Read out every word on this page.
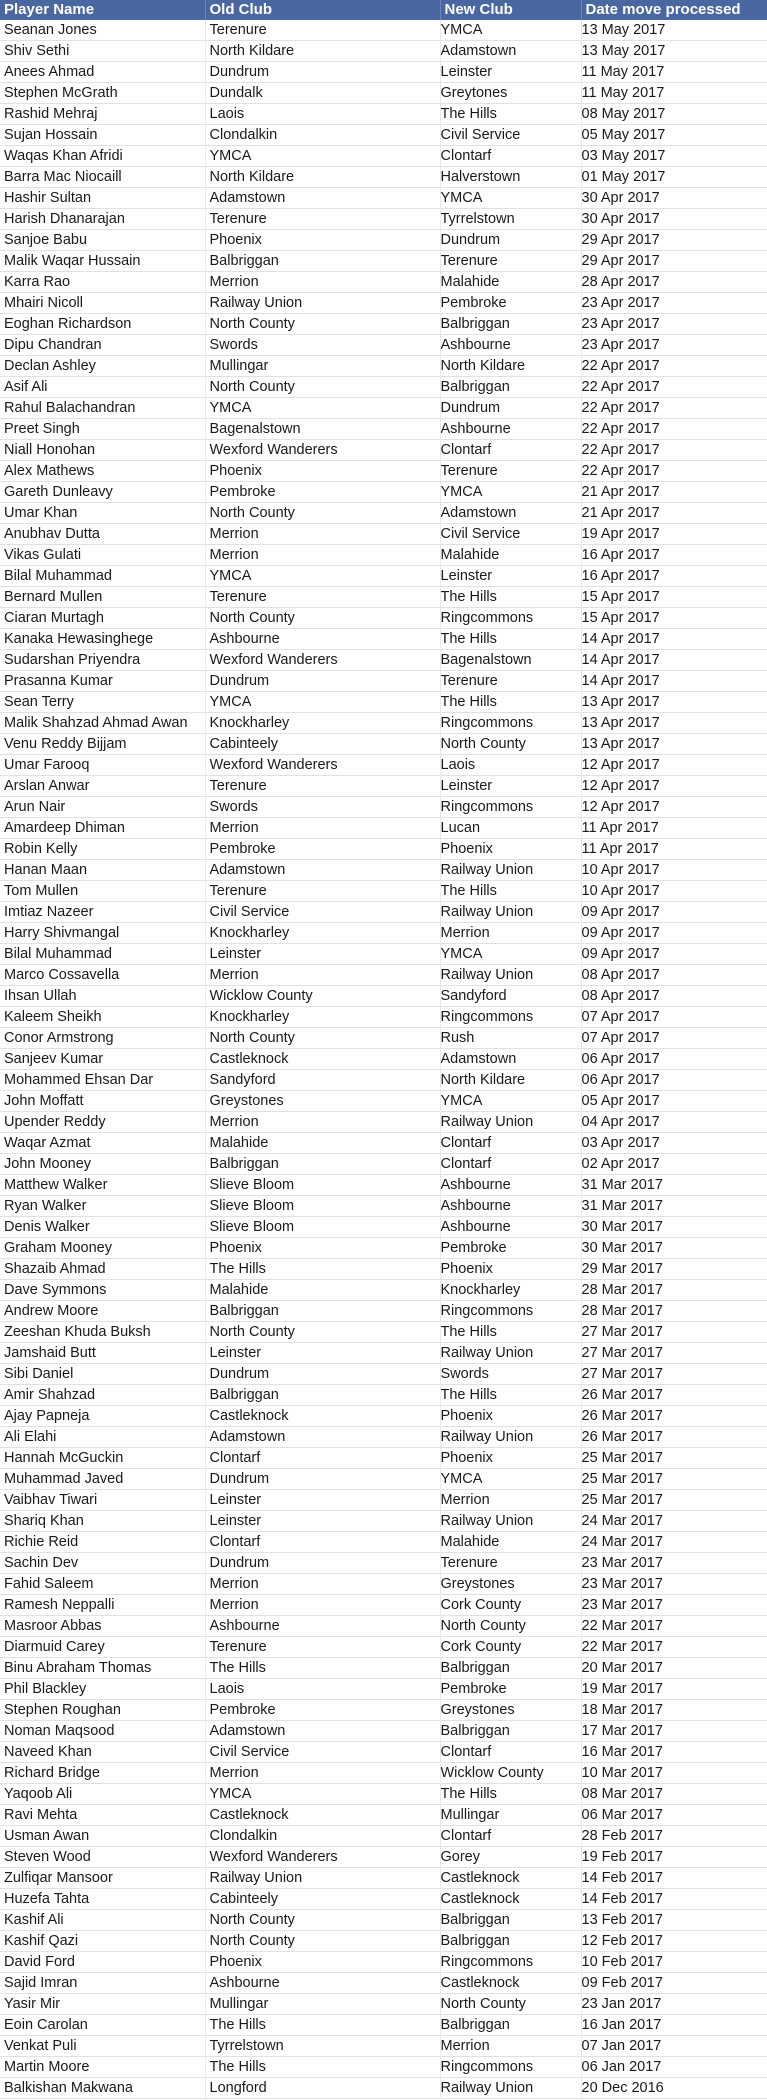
Player Name	Old Club	New Club	Date move processed
Seanan Jones	Terenure	YMCA	13 May 2017
Shiv Sethi	North Kildare	Adamstown	13 May 2017
Anees Ahmad	Dundrum	Leinster	11 May 2017
Stephen McGrath	Dundalk	Greytones	11 May 2017
Rashid Mehraj	Laois	The Hills	08 May 2017
Sujan Hossain	Clondalkin	Civil Service	05 May 2017
Waqas Khan Afridi	YMCA	Clontarf	03 May 2017
Barra Mac Niocaill	North Kildare	Halverstown	01 May 2017
Hashir Sultan	Adamstown	YMCA	30 Apr 2017
Harish Dhanarajan	Terenure	Tyrrelstown	30 Apr 2017
Sanjoe Babu	Phoenix	Dundrum	29 Apr 2017
Malik Waqar Hussain	Balbriggan	Terenure	29 Apr 2017
Karra Rao	Merrion	Malahide	28 Apr 2017
Mhairi Nicoll	Railway Union	Pembroke	23 Apr 2017
Eoghan Richardson	North County	Balbriggan	23 Apr 2017
Dipu Chandran	Swords	Ashbourne	23 Apr 2017
Declan Ashley	Mullingar	North Kildare	22 Apr 2017
Asif Ali	North County	Balbriggan	22 Apr 2017
Rahul Balachandran	YMCA	Dundrum	22 Apr 2017
Preet Singh	Bagenalstown	Ashbourne	22 Apr 2017
Niall Honohan	Wexford Wanderers	Clontarf	22 Apr 2017
Alex Mathews	Phoenix	Terenure	22 Apr 2017
Gareth Dunleavy	Pembroke	YMCA	21 Apr 2017
Umar Khan	North County	Adamstown	21 Apr 2017
Anubhav Dutta	Merrion	Civil Service	19 Apr 2017
Vikas Gulati	Merrion	Malahide	16 Apr 2017
Bilal Muhammad	YMCA	Leinster	16 Apr 2017
Bernard Mullen	Terenure	The Hills	15 Apr 2017
Ciaran Murtagh	North County	Ringcommons	15 Apr 2017
Kanaka Hewasinghege	Ashbourne	The Hills	14 Apr 2017
Sudarshan Priyendra	Wexford Wanderers	Bagenalstown	14 Apr 2017
Prasanna Kumar	Dundrum	Terenure	14 Apr 2017
Sean Terry	YMCA	The Hills	13 Apr 2017
Malik Shahzad Ahmad Awan	Knockharley	Ringcommons	13 Apr 2017
Venu Reddy Bijjam	Cabinteely	North County	13 Apr 2017
Umar Farooq	Wexford Wanderers	Laois	12 Apr 2017
Arslan Anwar	Terenure	Leinster	12 Apr 2017
Arun Nair	Swords	Ringcommons	12 Apr 2017
Amardeep Dhiman	Merrion	Lucan	11 Apr 2017
Robin Kelly	Pembroke	Phoenix	11 Apr 2017
Hanan Maan	Adamstown	Railway Union	10 Apr 2017
Tom Mullen	Terenure	The Hills	10 Apr 2017
Imtiaz Nazeer	Civil Service	Railway Union	09 Apr 2017
Harry Shivmangal	Knockharley	Merrion	09 Apr 2017
Bilal Muhammad	Leinster	YMCA	09 Apr 2017
Marco Cossavella	Merrion	Railway Union	08 Apr 2017
Ihsan Ullah	Wicklow County	Sandyford	08 Apr 2017
Kaleem Sheikh	Knockharley	Ringcommons	07 Apr 2017
Conor Armstrong	North County	Rush	07 Apr 2017
Sanjeev Kumar	Castleknock	Adamstown	06 Apr 2017
Mohammed Ehsan Dar	Sandyford	North Kildare	06 Apr 2017
John Moffatt	Greystones	YMCA	05 Apr 2017
Upender Reddy	Merrion	Railway Union	04 Apr 2017
Waqar Azmat	Malahide	Clontarf	03 Apr 2017
John Mooney	Balbriggan	Clontarf	02 Apr 2017
Matthew Walker	Slieve Bloom	Ashbourne	31 Mar 2017
Ryan Walker	Slieve Bloom	Ashbourne	31 Mar 2017
Denis Walker	Slieve Bloom	Ashbourne	30 Mar 2017
Graham Mooney	Phoenix	Pembroke	30 Mar 2017
Shazaib Ahmad	The Hills	Phoenix	29 Mar 2017
Dave Symmons	Malahide	Knockharley	28 Mar 2017
Andrew Moore	Balbriggan	Ringcommons	28 Mar 2017
Zeeshan Khuda Buksh	North County	The Hills	27 Mar 2017
Jamshaid Butt	Leinster	Railway Union	27 Mar 2017
Sibi Daniel	Dundrum	Swords	27 Mar 2017
Amir Shahzad	Balbriggan	The Hills	26 Mar 2017
Ajay Papneja	Castleknock	Phoenix	26 Mar 2017
Ali Elahi	Adamstown	Railway Union	26 Mar 2017
Hannah McGuckin	Clontarf	Phoenix	25 Mar 2017
Muhammad Javed	Dundrum	YMCA	25 Mar 2017
Vaibhav Tiwari	Leinster	Merrion	25 Mar 2017
Shariq Khan	Leinster	Railway Union	24 Mar 2017
Richie Reid	Clontarf	Malahide	24 Mar 2017
Sachin Dev	Dundrum	Terenure	23 Mar 2017
Fahid Saleem	Merrion	Greystones	23 Mar 2017
Ramesh Neppalli	Merrion	Cork County	23 Mar 2017
Masroor Abbas	Ashbourne	North County	22 Mar 2017
Diarmuid Carey	Terenure	Cork County	22 Mar 2017
Binu Abraham Thomas	The Hills	Balbriggan	20 Mar 2017
Phil Blackley	Laois	Pembroke	19 Mar 2017
Stephen Roughan	Pembroke	Greystones	18 Mar 2017
Noman Maqsood	Adamstown	Balbriggan	17 Mar 2017
Naveed Khan	Civil Service	Clontarf	16 Mar 2017
Richard Bridge	Merrion	Wicklow County	10 Mar 2017
Yaqoob Ali	YMCA	The Hills	08 Mar 2017
Ravi Mehta	Castleknock	Mullingar	06 Mar 2017
Usman Awan	Clondalkin	Clontarf	28 Feb 2017
Steven Wood	Wexford Wanderers	Gorey	19 Feb 2017
Zulfiqar Mansoor	Railway Union	Castleknock	14 Feb 2017
Huzefa Tahta	Cabinteely	Castleknock	14 Feb 2017
Kashif Ali	North County	Balbriggan	13 Feb 2017
Kashif Qazi	North County	Balbriggan	12 Feb 2017
David Ford	Phoenix	Ringcommons	10 Feb 2017
Sajid Imran	Ashbourne	Castleknock	09 Feb 2017
Yasir Mir	Mullingar	North County	23 Jan 2017
Eoin Carolan	The Hills	Balbriggan	16 Jan 2017
Venkat Puli	Tyrrelstown	Merrion	07 Jan 2017
Martin Moore	The Hills	Ringcommons	06 Jan 2017
Balkishan Makwana	Longford	Railway Union	20 Dec 2016
